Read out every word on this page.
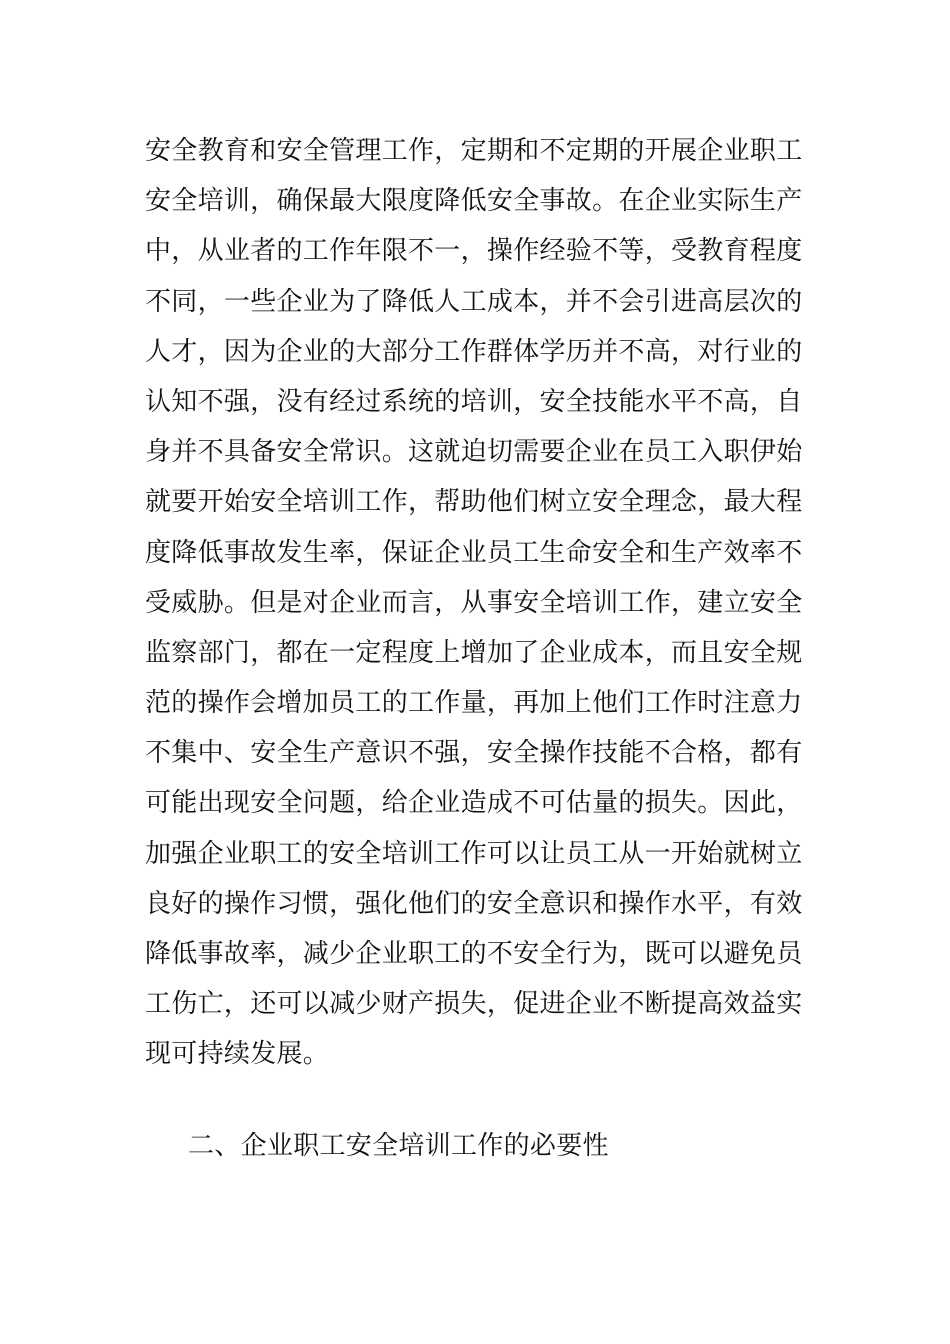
安全教育和安全管理工作，定期和不定期的开展企业职工
安全培训，确保最大限度降低安全事故。在企业实际生产
中，从业者的工作年限不一，操作经验不等，受教育程度
不同，一些企业为了降低人工成本，并不会引进高层次的
人才，因为企业的大部分工作群体学历并不高，对行业的
认知不强，没有经过系统的培训，安全技能水平不高，自
身并不具备安全常识。这就迫切需要企业在员工入职伊始
就要开始安全培训工作，帮助他们树立安全理念，最大程
度降低事故发生率，保证企业员工生命安全和生产效率不
受威胁。但是对企业而言，从事安全培训工作，建立安全
监察部门，都在一定程度上增加了企业成本，而且安全规
范的操作会增加员工的工作量，再加上他们工作时注意力
不集中、安全生产意识不强，安全操作技能不合格，都有
可能出现安全问题，给企业造成不可估量的损失。因此，
加强企业职工的安全培训工作可以让员工从一开始就树立
良好的操作习惯，强化他们的安全意识和操作水平，有效
降低事故率，减少企业职工的不安全行为，既可以避免员
工伤亡，还可以减少财产损失，促进企业不断提高效益实
现可持续发展。
二、企业职工安全培训工作的必要性
